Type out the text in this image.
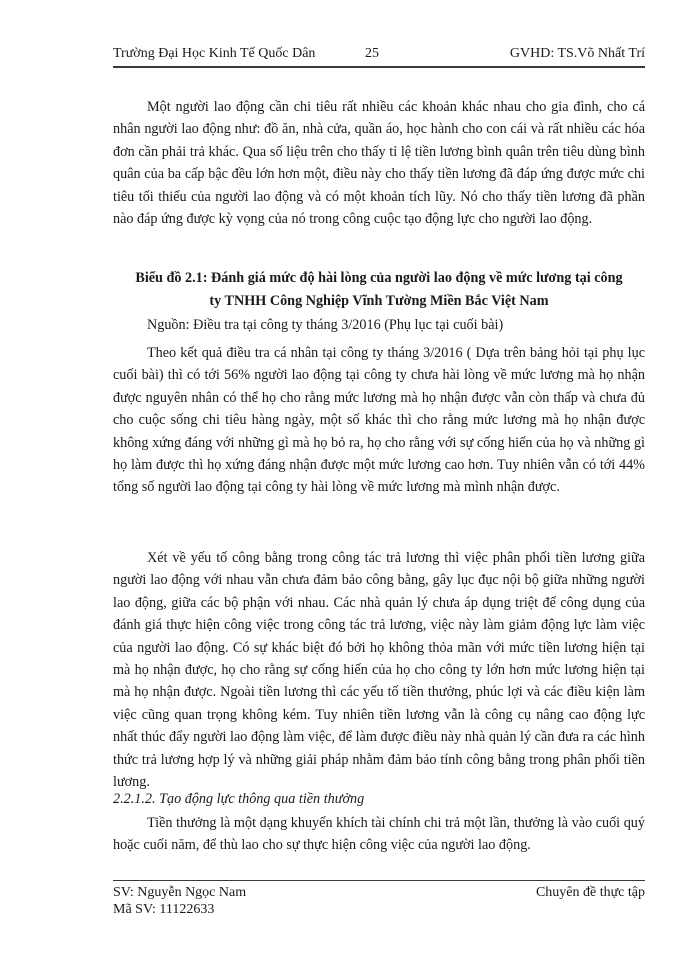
Trường Đại Học Kinh Tế Quốc Dân	25	GVHD: TS.Võ Nhất Trí

Một người lao động cần chi tiêu rất nhiều các khoản khác nhau cho gia đình, cho cá nhân người lao động như: đồ ăn, nhà cửa, quần áo, học hành cho con cái và rất nhiều các hóa đơn cần phải trả khác. Qua số liệu trên cho thấy tỉ lệ tiền lương bình quân trên tiêu dùng bình quân của ba cấp bậc đều lớn hơn một, điều này cho thấy tiền lương đã đáp ứng được mức chi tiêu tối thiểu của người lao động và có một khoản tích lũy. Nó cho thấy tiền lương đã phần nào đáp ứng được kỳ vọng của nó trong công cuộc tạo động lực cho người lao động.

Biểu đồ 2.1: Đánh giá mức độ hài lòng của người lao động về mức lương tại công
ty TNHH Công Nghiệp Vĩnh Tường Miền Bắc Việt Nam
Nguồn: Điều tra tại công ty tháng 3/2016 (Phụ lục tại cuối bài)

Theo kết quả điều tra cá nhân tại công ty tháng 3/2016 ( Dựa trên bảng hỏi tại phụ lục cuối bài) thì có tới 56% người lao động tại công ty chưa hài lòng về mức lương mà họ nhận được nguyên nhân có thể họ cho rằng mức lương mà họ nhận được vẫn còn thấp và chưa đủ cho cuộc sống chi tiêu hàng ngày, một số khác thì cho rằng mức lương mà họ nhận được không xứng đáng với những gì mà họ bỏ ra, họ cho rằng với sự cống hiến của họ và những gì họ làm được thì họ xứng đáng nhận được một mức lương cao hơn. Tuy nhiên vẫn có tới 44% tổng số người lao động tại công ty hài lòng về mức lương mà mình nhận được.

Xét về yếu tố công bằng trong công tác trả lương thì việc phân phối tiền lương giữa người lao động với nhau vẫn chưa đảm bảo công bằng, gây lục đục nội bộ giữa những người lao động, giữa các bộ phận với nhau. Các nhà quản lý chưa áp dụng triệt để công dụng của đánh giá thực hiện công việc trong công tác trả lương, việc này làm giảm động lực làm việc của người lao động. Có sự khác biệt đó bởi họ không thỏa mãn với mức tiền lương hiện tại mà họ nhận được, họ cho rằng sự cống hiến của họ cho công ty lớn hơn mức lương hiện tại mà họ nhận được. Ngoài tiền lương thì các yếu tố tiền thưởng, phúc lợi và các điều kiện làm việc cũng quan trọng không kém. Tuy nhiên tiền lương vẫn là công cụ nâng cao động lực nhất thúc đẩy người lao động làm việc, để làm được điều này nhà quản lý cần đưa ra các hình thức trả lương hợp lý và những giải pháp nhằm đảm bảo tính công bằng trong phân phối tiền lương.

2.2.1.2. Tạo động lực thông qua tiền thưởng

Tiền thưởng là một dạng khuyến khích tài chính chi trả một lần, thưởng là vào cuối quý hoặc cuối năm, để thù lao cho sự thực hiện công việc của người lao động.

SV: Nguyễn Ngọc Nam	Chuyên đề thực tập
Mã SV: 11122633
